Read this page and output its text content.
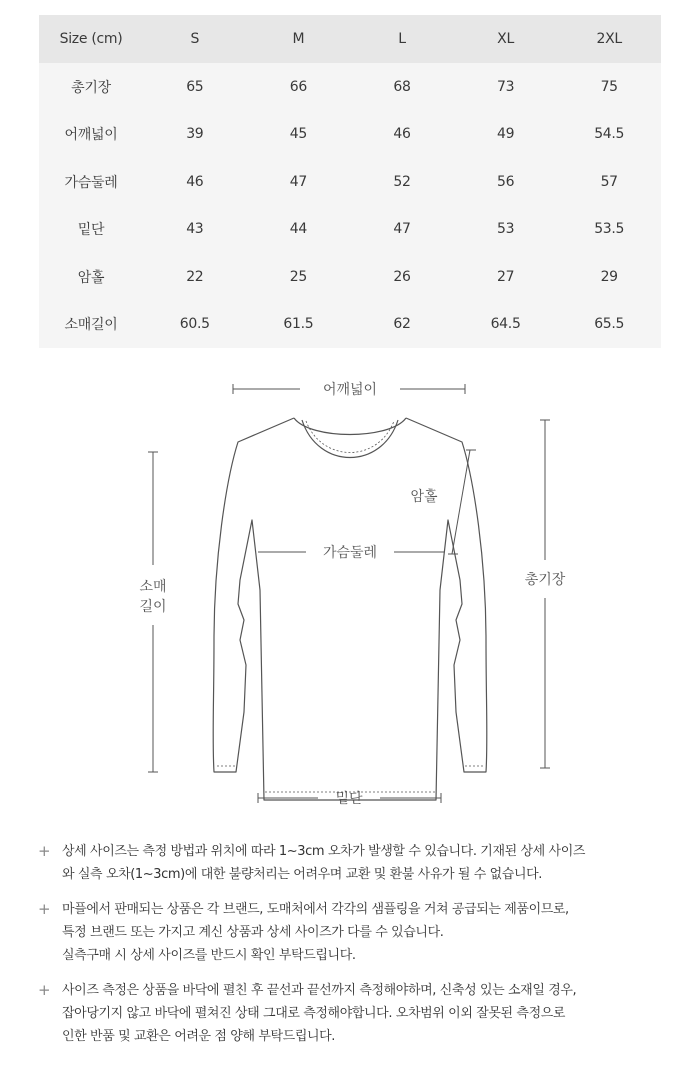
Size (cm)	S	M	L	XL	2XL
총기장	65	66	68	73	75
어깨넓이	39	45	46	49	54.5
가슴둘레	46	47	52	56	57
밑단	43	44	47	53	53.5
암홀	22	25	26	27	29
소매길이	60.5	61.5	62	64.5	65.5
어깨넓이
암홀
가슴둘레
소매
길이
총기장
밑단
+ 상세 사이즈는 측정 방법과 위치에 따라 1~3cm 오차가 발생할 수 있습니다. 기재된 상세 사이즈
와 실측 오차(1~3cm)에 대한 불량처리는 어려우며 교환 및 환불 사유가 될 수 없습니다.
+ 마플에서 판매되는 상품은 각 브랜드, 도매처에서 각각의 샘플링을 거쳐 공급되는 제품이므로,
특정 브랜드 또는 가지고 계신 상품과 상세 사이즈가 다를 수 있습니다.
실측구매 시 상세 사이즈를 반드시 확인 부탁드립니다.
+ 사이즈 측정은 상품을 바닥에 펼친 후 끝선과 끝선까지 측정해야하며, 신축성 있는 소재일 경우,
잡아당기지 않고 바닥에 펼쳐진 상태 그대로 측정해야합니다. 오차범위 이외 잘못된 측정으로
인한 반품 및 교환은 어려운 점 양해 부탁드립니다.
